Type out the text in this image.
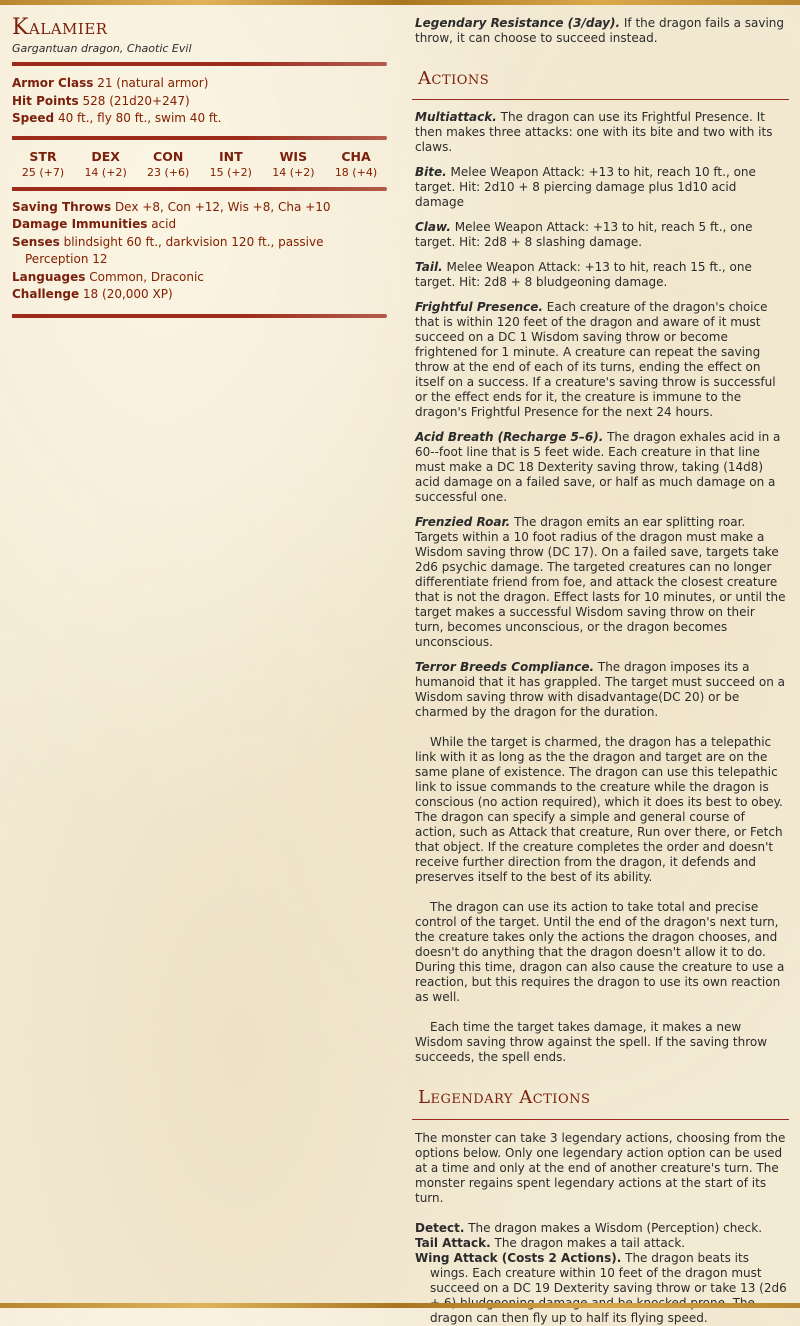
Kalamier
Gargantuan dragon, Chaotic Evil
Armor Class 21 (natural armor)
Hit Points 528 (21d20+247)
Speed 40 ft., fly 80 ft., swim 40 ft.
STR
25 (+7)
DEX
14 (+2)
CON
23 (+6)
INT
15 (+2)
WIS
14 (+2)
CHA
18 (+4)
Saving Throws Dex +8, Con +12, Wis +8, Cha +10
Damage Immunities acid
Senses blindsight 60 ft., darkvision 120 ft., passive Perception 12
Languages Common, Draconic
Challenge 18 (20,000 XP)
Legendary Resistance (3/day). If the dragon fails a saving throw, it can choose to succeed instead.
Actions
Multiattack. The dragon can use its Frightful Presence. It then makes three attacks: one with its bite and two with its claws.
Bite. Melee Weapon Attack: +13 to hit, reach 10 ft., one target. Hit: 2d10 + 8 piercing damage plus 1d10 acid damage
Claw. Melee Weapon Attack: +13 to hit, reach 5 ft., one target. Hit: 2d8 + 8 slashing damage.
Tail. Melee Weapon Attack: +13 to hit, reach 15 ft., one target. Hit: 2d8 + 8 bludgeoning damage.
Frightful Presence. Each creature of the dragon's choice that is within 120 feet of the dragon and aware of it must succeed on a DC 1 Wisdom saving throw or become frightened for 1 minute. A creature can repeat the saving throw at the end of each of its turns, ending the effect on itself on a success. If a creature's saving throw is successful or the effect ends for it, the creature is immune to the dragon's Frightful Presence for the next 24 hours.
Acid Breath (Recharge 5–6). The dragon exhales acid in a 60--foot line that is 5 feet wide. Each creature in that line must make a DC 18 Dexterity saving throw, taking (14d8) acid damage on a failed save, or half as much damage on a successful one.
Frenzied Roar. The dragon emits an ear splitting roar. Targets within a 10 foot radius of the dragon must make a Wisdom saving throw (DC 17). On a failed save, targets take 2d6 psychic damage. The targeted creatures can no longer differentiate friend from foe, and attack the closest creature that is not the dragon. Effect lasts for 10 minutes, or until the target makes a successful Wisdom saving throw on their turn, becomes unconscious, or the dragon becomes unconscious.
Terror Breeds Compliance. The dragon imposes its a humanoid that it has grappled. The target must succeed on a Wisdom saving throw with disadvantage(DC 20) or be charmed by the dragon for the duration.
While the target is charmed, the dragon has a telepathic link with it as long as the the dragon and target are on the same plane of existence. The dragon can use this telepathic link to issue commands to the creature while the dragon is conscious (no action required), which it does its best to obey. The dragon can specify a simple and general course of action, such as Attack that creature, Run over there, or Fetch that object. If the creature completes the order and doesn't receive further direction from the dragon, it defends and preserves itself to the best of its ability.
The dragon can use its action to take total and precise control of the target. Until the end of the dragon's next turn, the creature takes only the actions the dragon chooses, and doesn't do anything that the dragon doesn't allow it to do. During this time, dragon can also cause the creature to use a reaction, but this requires the dragon to use its own reaction as well.
Each time the target takes damage, it makes a new Wisdom saving throw against the spell. If the saving throw succeeds, the spell ends.
Legendary Actions
The monster can take 3 legendary actions, choosing from the options below. Only one legendary action option can be used at a time and only at the end of another creature's turn. The monster regains spent legendary actions at the start of its turn.
Detect. The dragon makes a Wisdom (Perception) check.
Tail Attack. The dragon makes a tail attack.
Wing Attack (Costs 2 Actions). The dragon beats its wings. Each creature within 10 feet of the dragon must succeed on a DC 19 Dexterity saving throw or take 13 (2d6 dragon can then fly up to half its flying speed.
